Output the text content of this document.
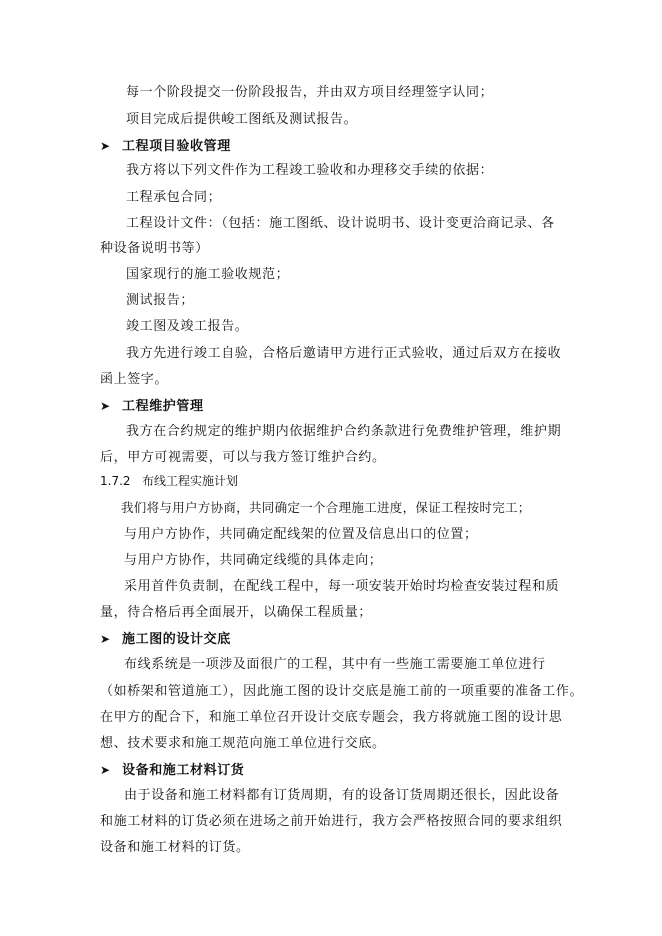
每一个阶段提交一份阶段报告，并由双方项目经理签字认同；
项目完成后提供峻工图纸及测试报告。
➤ 工程项目验收管理
我方将以下列文件作为工程竣工验收和办理移交手续的依据：
工程承包合同；
工程设计文件：（包括：施工图纸、设计说明书、设计变更洽商记录、各
种设备说明书等）
国家现行的施工验收规范；
测试报告；
竣工图及竣工报告。
我方先进行竣工自验，合格后邀请甲方进行正式验收，通过后双方在接收
函上签字。
➤ 工程维护管理
我方在合约规定的维护期内依据维护合约条款进行免费维护管理，维护期
后，甲方可视需要，可以与我方签订维护合约。
1.7.2 布线工程实施计划
我们将与用户方协商，共同确定一个合理施工进度，保证工程按时完工；
与用户方协作，共同确定配线架的位置及信息出口的位置；
与用户方协作，共同确定线缆的具体走向；
采用首件负责制，在配线工程中，每一项安装开始时均检查安装过程和质
量，待合格后再全面展开，以确保工程质量；
➤ 施工图的设计交底
布线系统是一项涉及面很广的工程，其中有一些施工需要施工单位进行
（如桥架和管道施工），因此施工图的设计交底是施工前的一项重要的准备工作。
在甲方的配合下，和施工单位召开设计交底专题会，我方将就施工图的设计思
想、技术要求和施工规范向施工单位进行交底。
➤ 设备和施工材料订货
由于设备和施工材料都有订货周期，有的设备订货周期还很长，因此设备
和施工材料的订货必须在进场之前开始进行，我方会严格按照合同的要求组织
设备和施工材料的订货。
